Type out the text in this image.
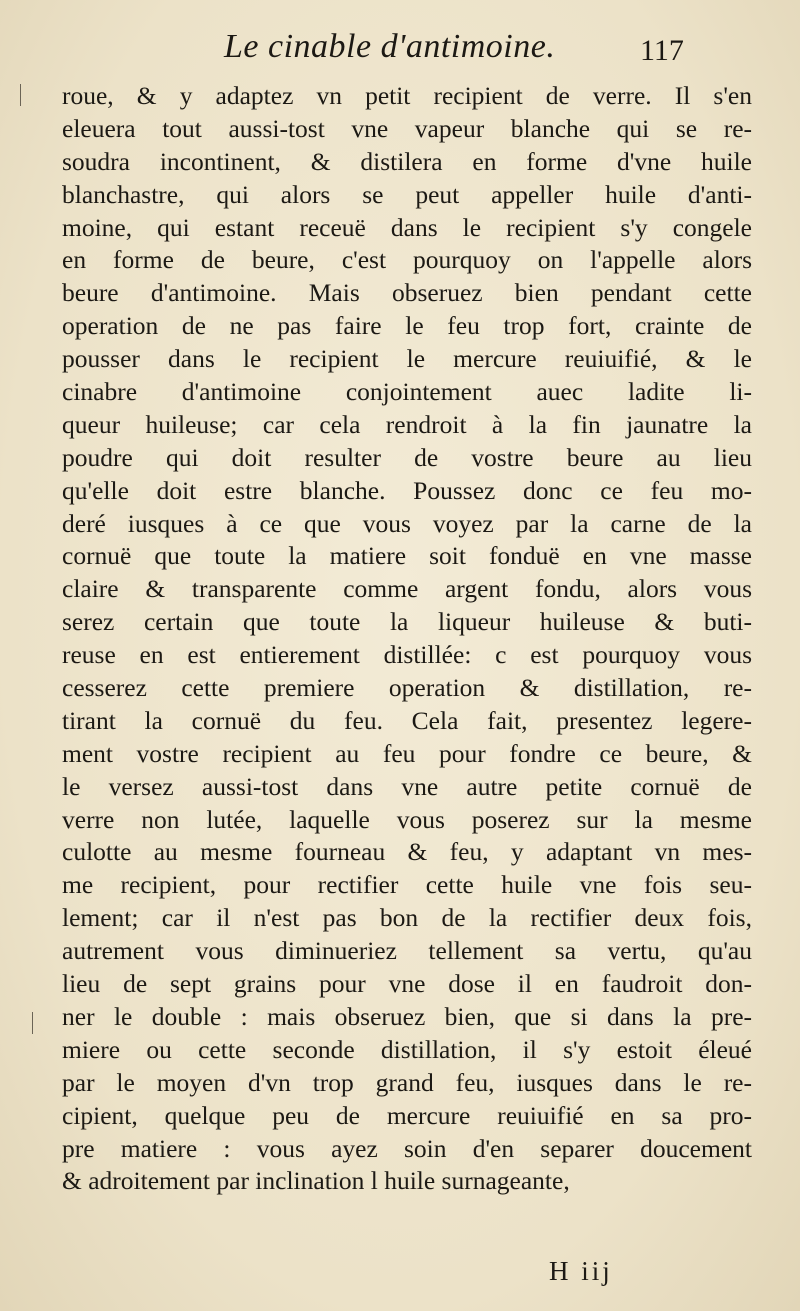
Le cinable d'antimoine.	117
roue, & y adaptez vn petit recipient de verre. Il s'en
eleuera tout aussi-tost vne vapeur blanche qui se re-
soudra incontinent, & distilera en forme d'vne huile
blanchastre, qui alors se peut appeller huile d'anti-
moine, qui estant receuë dans le recipient s'y congele
en forme de beure, c'est pourquoy on l'appelle alors
beure d'antimoine. Mais obseruez bien pendant cette
operation de ne pas faire le feu trop fort, crainte de
pousser dans le recipient le mercure reuiuifié, & le
cinabre d'antimoine conjointement auec ladite li-
queur huileuse; car cela rendroit à la fin jaunatre la
poudre qui doit resulter de vostre beure au lieu
qu'elle doit estre blanche. Poussez donc ce feu mo-
deré iusques à ce que vous voyez par la carne de la
cornuë que toute la matiere soit fonduë en vne masse
claire & transparente comme argent fondu, alors vous
serez certain que toute la liqueur huileuse & buti-
reuse en est entierement distillée: c est pourquoy vous
cesserez cette premiere operation & distillation, re-
tirant la cornuë du feu. Cela fait, presentez legere-
ment vostre recipient au feu pour fondre ce beure, &
le versez aussi-tost dans vne autre petite cornuë de
verre non lutée, laquelle vous poserez sur la mesme
culotte au mesme fourneau & feu, y adaptant vn mes-
me recipient, pour rectifier cette huile vne fois seu-
lement; car il n'est pas bon de la rectifier deux fois,
autrement vous diminueriez tellement sa vertu, qu'au
lieu de sept grains pour vne dose il en faudroit don-
ner le double : mais obseruez bien, que si dans la pre-
miere ou cette seconde distillation, il s'y estoit éleué
par le moyen d'vn trop grand feu, iusques dans le re-
cipient, quelque peu de mercure reuiuifié en sa pro-
pre matiere : vous ayez soin d'en separer doucement
& adroitement par inclination l huile surnageante,
H iij
